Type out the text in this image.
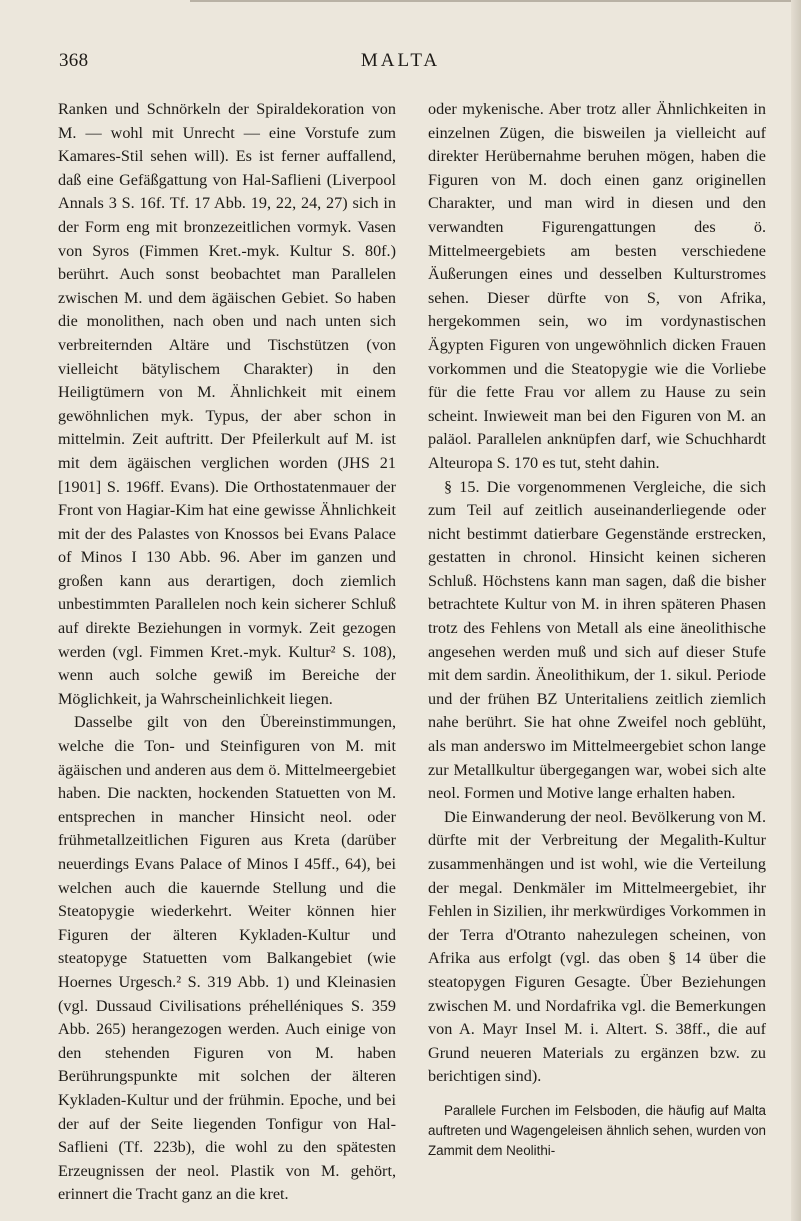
368	MALTA

Ranken und Schnörkeln der Spiraldekoration von M. — wohl mit Unrecht — eine Vorstufe zum Kamares-Stil sehen will). Es ist ferner auffallend, daß eine Gefäßgattung von Hal-Saflieni (Liverpool Annals 3 S. 16f. Tf. 17 Abb. 19, 22, 24, 27) sich in der Form eng mit bronzezeitlichen vormyk. Vasen von Syros (Fimmen Kret.-myk. Kultur S. 80f.) berührt. Auch sonst beobachtet man Parallelen zwischen M. und dem ägäischen Gebiet. So haben die monolithen, nach oben und nach unten sich verbreiternden Altäre und Tischstützen (von vielleicht bätylischem Charakter) in den Heiligtümern von M. Ähnlichkeit mit einem gewöhnlichen myk. Typus, der aber schon in mittelmin. Zeit auftritt. Der Pfeilerkult auf M. ist mit dem ägäischen verglichen worden (JHS 21 [1901] S. 196ff. Evans). Die Orthostatenmauer der Front von Hagiar-Kim hat eine gewisse Ähnlichkeit mit der des Palastes von Knossos bei Evans Palace of Minos I 130 Abb. 96. Aber im ganzen und großen kann aus derartigen, doch ziemlich unbestimmten Parallelen noch kein sicherer Schluß auf direkte Beziehungen in vormyk. Zeit gezogen werden (vgl. Fimmen Kret.-myk. Kultur² S. 108), wenn auch solche gewiß im Bereiche der Möglichkeit, ja Wahrscheinlichkeit liegen.

Dasselbe gilt von den Übereinstimmungen, welche die Ton- und Steinfiguren von M. mit ägäischen und anderen aus dem ö. Mittelmeergebiet haben. Die nackten, hockenden Statuetten von M. entsprechen in mancher Hinsicht neol. oder frühmetallzeitlichen Figuren aus Kreta (darüber neuerdings Evans Palace of Minos I 45ff., 64), bei welchen auch die kauernde Stellung und die Steatopygie wiederkehrt. Weiter können hier Figuren der älteren Kykladen-Kultur und steatopyge Statuetten vom Balkangebiet (wie Hoernes Urgesch.² S. 319 Abb. 1) und Kleinasien (vgl. Dussaud Civilisations préhelléniques S. 359 Abb. 265) herangezogen werden. Auch einige von den stehenden Figuren von M. haben Berührungspunkte mit solchen der älteren Kykladen-Kultur und der frühmin. Epoche, und bei der auf der Seite liegenden Tonfigur von Hal-Saflieni (Tf. 223b), die wohl zu den spätesten Erzeugnissen der neol. Plastik von M. gehört, erinnert die Tracht ganz an die kret.

oder mykenische. Aber trotz aller Ähnlichkeiten in einzelnen Zügen, die bisweilen ja vielleicht auf direkter Herübernahme beruhen mögen, haben die Figuren von M. doch einen ganz originellen Charakter, und man wird in diesen und den verwandten Figurengattungen des ö. Mittelmeergebiets am besten verschiedene Äußerungen eines und desselben Kulturstromes sehen. Dieser dürfte von S, von Afrika, hergekommen sein, wo im vordynastischen Ägypten Figuren von ungewöhnlich dicken Frauen vorkommen und die Steatopygie wie die Vorliebe für die fette Frau vor allem zu Hause zu sein scheint. Inwieweit man bei den Figuren von M. an paläol. Parallelen anknüpfen darf, wie Schuchhardt Alteuropa S. 170 es tut, steht dahin.

§ 15. Die vorgenommenen Vergleiche, die sich zum Teil auf zeitlich auseinanderliegende oder nicht bestimmt datierbare Gegenstände erstrecken, gestatten in chronol. Hinsicht keinen sicheren Schluß. Höchstens kann man sagen, daß die bisher betrachtete Kultur von M. in ihren späteren Phasen trotz des Fehlens von Metall als eine äneolithische angesehen werden muß und sich auf dieser Stufe mit dem sardin. Äneolithikum, der 1. sikul. Periode und der frühen BZ Unteritaliens zeitlich ziemlich nahe berührt. Sie hat ohne Zweifel noch geblüht, als man anderswo im Mittelmeergebiet schon lange zur Metallkultur übergegangen war, wobei sich alte neol. Formen und Motive lange erhalten haben.

Die Einwanderung der neol. Bevölkerung von M. dürfte mit der Verbreitung der Megalith-Kultur zusammenhängen und ist wohl, wie die Verteilung der megal. Denkmäler im Mittelmeergebiet, ihr Fehlen in Sizilien, ihr merkwürdiges Vorkommen in der Terra d'Otranto nahezulegen scheinen, von Afrika aus erfolgt (vgl. das oben § 14 über die steatopygen Figuren Gesagte. Über Beziehungen zwischen M. und Nordafrika vgl. die Bemerkungen von A. Mayr Insel M. i. Altert. S. 38ff., die auf Grund neueren Materials zu ergänzen bzw. zu berichtigen sind).

Parallele Furchen im Felsboden, die häufig auf Malta auftreten und Wagengeleisen ähnlich sehen, wurden von Zammit dem Neolithi-
